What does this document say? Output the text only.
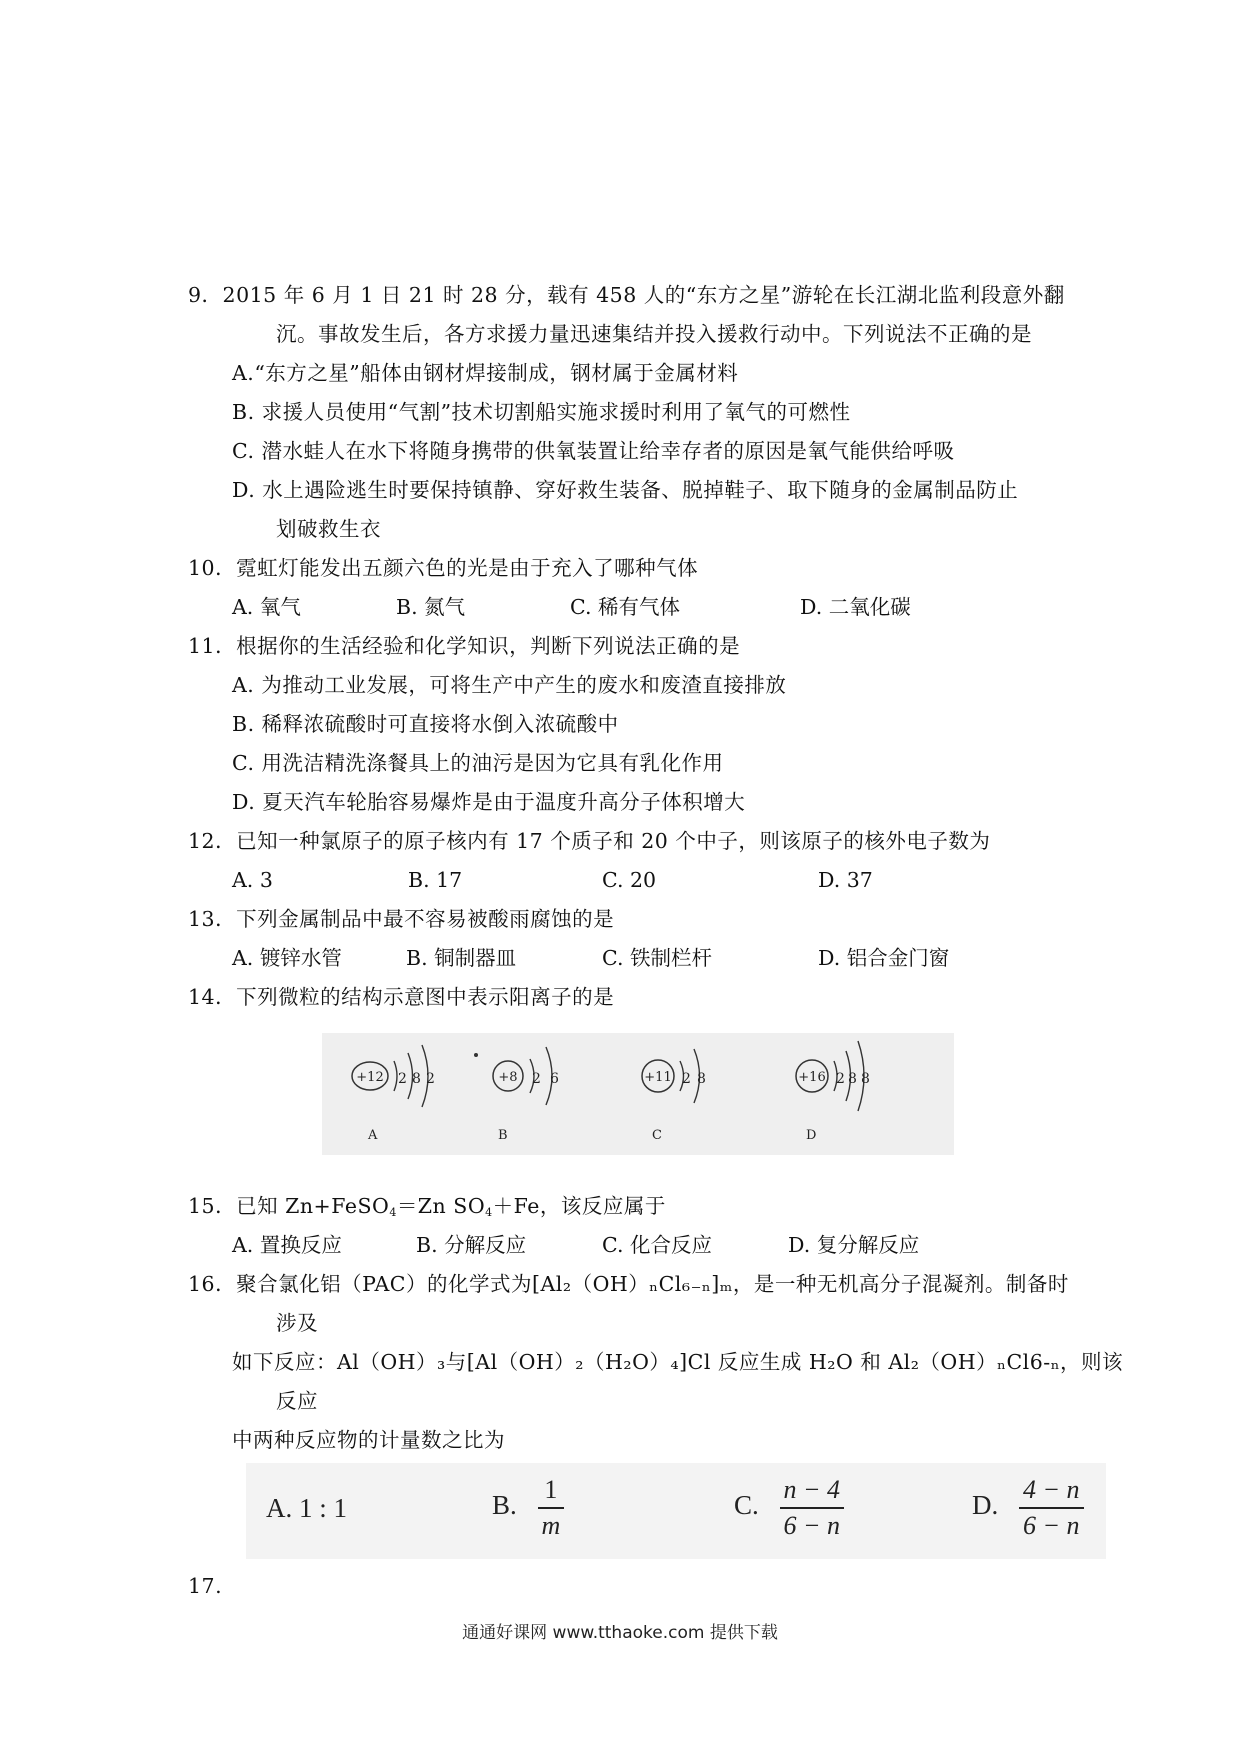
9．2015 年 6 月 1 日 21 时 28 分，载有 458 人的“东方之星”游轮在长江湖北监利段意外翻
沉。事故发生后，各方求援力量迅速集结并投入援救行动中。下列说法不正确的是
A.“东方之星”船体由钢材焊接制成，钢材属于金属材料
B. 求援人员使用“气割”技术切割船实施求援时利用了氧气的可燃性
C. 潜水蛙人在水下将随身携带的供氧装置让给幸存者的原因是氧气能供给呼吸
D. 水上遇险逃生时要保持镇静、穿好救生装备、脱掉鞋子、取下随身的金属制品防止
划破救生衣
10．霓虹灯能发出五颜六色的光是由于充入了哪种气体
A. 氧气	B. 氮气	C. 稀有气体	D. 二氧化碳
11．根据你的生活经验和化学知识，判断下列说法正确的是
A. 为推动工业发展，可将生产中产生的废水和废渣直接排放
B. 稀释浓硫酸时可直接将水倒入浓硫酸中
C. 用洗洁精洗涤餐具上的油污是因为它具有乳化作用
D. 夏天汽车轮胎容易爆炸是由于温度升高分子体积增大
12．已知一种氯原子的原子核内有 17 个质子和 20 个中子，则该原子的核外电子数为
A. 3	B. 17	C. 20	D. 37
13．下列金属制品中最不容易被酸雨腐蚀的是
A. 镀锌水管	B. 铜制器皿	C. 铁制栏杆	D. 铝合金门窗
14．下列微粒的结构示意图中表示阳离子的是
+12 2 8 2
A
+8 2 6
B
+11 2 8
C
+16 2 8 8
D
15．已知 Zn+FeSO$_4$＝Zn $SO_4+Fe$，该反应属于
A. 置换反应	B. 分解反应	C. 化合反应	D. 复分解反应
16．聚合氯化铝（PAC）的化学式为[Al₂（OH）ₙCl₆₋ₙ]ₘ，是一种无机高分子混凝剂。制备时
涉及
如下反应：Al（OH）₃与[Al（OH）₂（H₂O）₄]Cl 反应生成 H₂O 和 Al₂（OH）ₙCl6-ₙ，则该
反应
中两种反应物的计量数之比为
A. 1 : 1	B. $\frac{1}{m}$	C. $\frac{n - 4}{6 - n}$	D. $\frac{4 - n}{6 - n}$
17.
通通好课网 www.tthaoke.com 提供下载
